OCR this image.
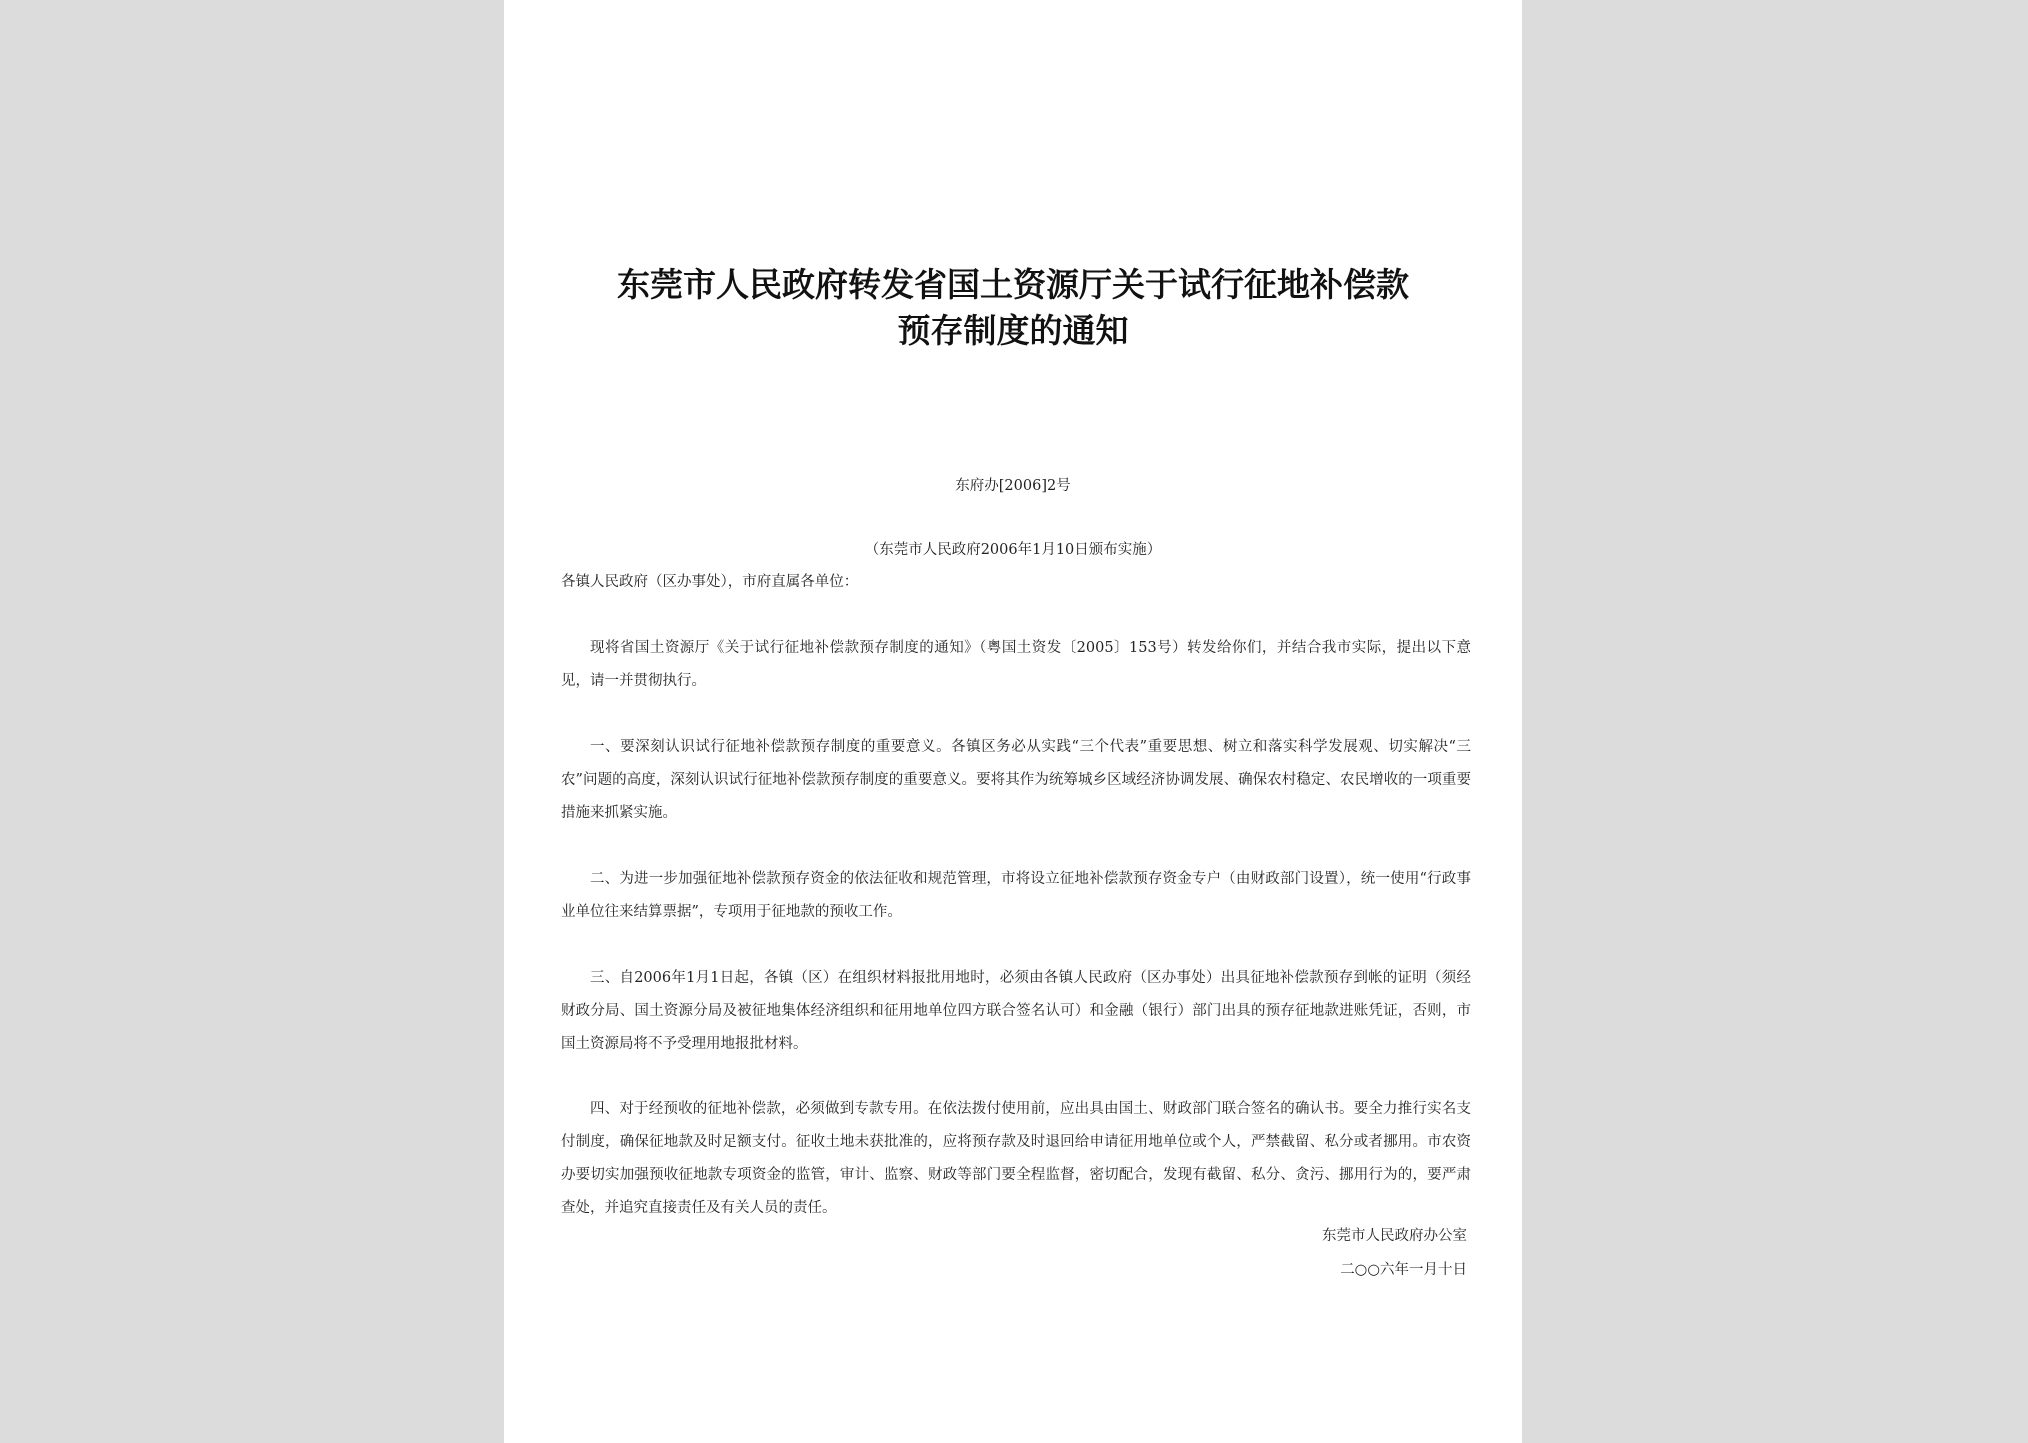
东莞市人民政府转发省国土资源厅关于试行征地补偿款
预存制度的通知
东府办[2006]2号
（东莞市人民政府2006年1月10日颁布实施）
各镇人民政府（区办事处），市府直属各单位：
现将省国土资源厅《关于试行征地补偿款预存制度的通知》（粤国土资发〔2005〕153号）转发给你们，并结合我市实际，提出以下意见，请一并贯彻执行。
一、要深刻认识试行征地补偿款预存制度的重要意义。各镇区务必从实践“三个代表”重要思想、树立和落实科学发展观、切实解决“三农”问题的高度，深刻认识试行征地补偿款预存制度的重要意义。要将其作为统筹城乡区域经济协调发展、确保农村稳定、农民增收的一项重要措施来抓紧实施。
二、为进一步加强征地补偿款预存资金的依法征收和规范管理，市将设立征地补偿款预存资金专户（由财政部门设置），统一使用“行政事业单位往来结算票据”，专项用于征地款的预收工作。
三、自2006年1月1日起，各镇（区）在组织材料报批用地时，必须由各镇人民政府（区办事处）出具征地补偿款预存到帐的证明（须经财政分局、国土资源分局及被征地集体经济组织和征用地单位四方联合签名认可）和金融（银行）部门出具的预存征地款进账凭证，否则，市国土资源局将不予受理用地报批材料。
四、对于经预收的征地补偿款，必须做到专款专用。在依法拨付使用前，应出具由国土、财政部门联合签名的确认书。要全力推行实名支付制度，确保征地款及时足额支付。征收土地未获批准的，应将预存款及时退回给申请征用地单位或个人，严禁截留、私分或者挪用。市农资办要切实加强预收征地款专项资金的监管，审计、监察、财政等部门要全程监督，密切配合，发现有截留、私分、贪污、挪用行为的，要严肃查处，并追究直接责任及有关人员的责任。
东莞市人民政府办公室
二○○六年一月十日
